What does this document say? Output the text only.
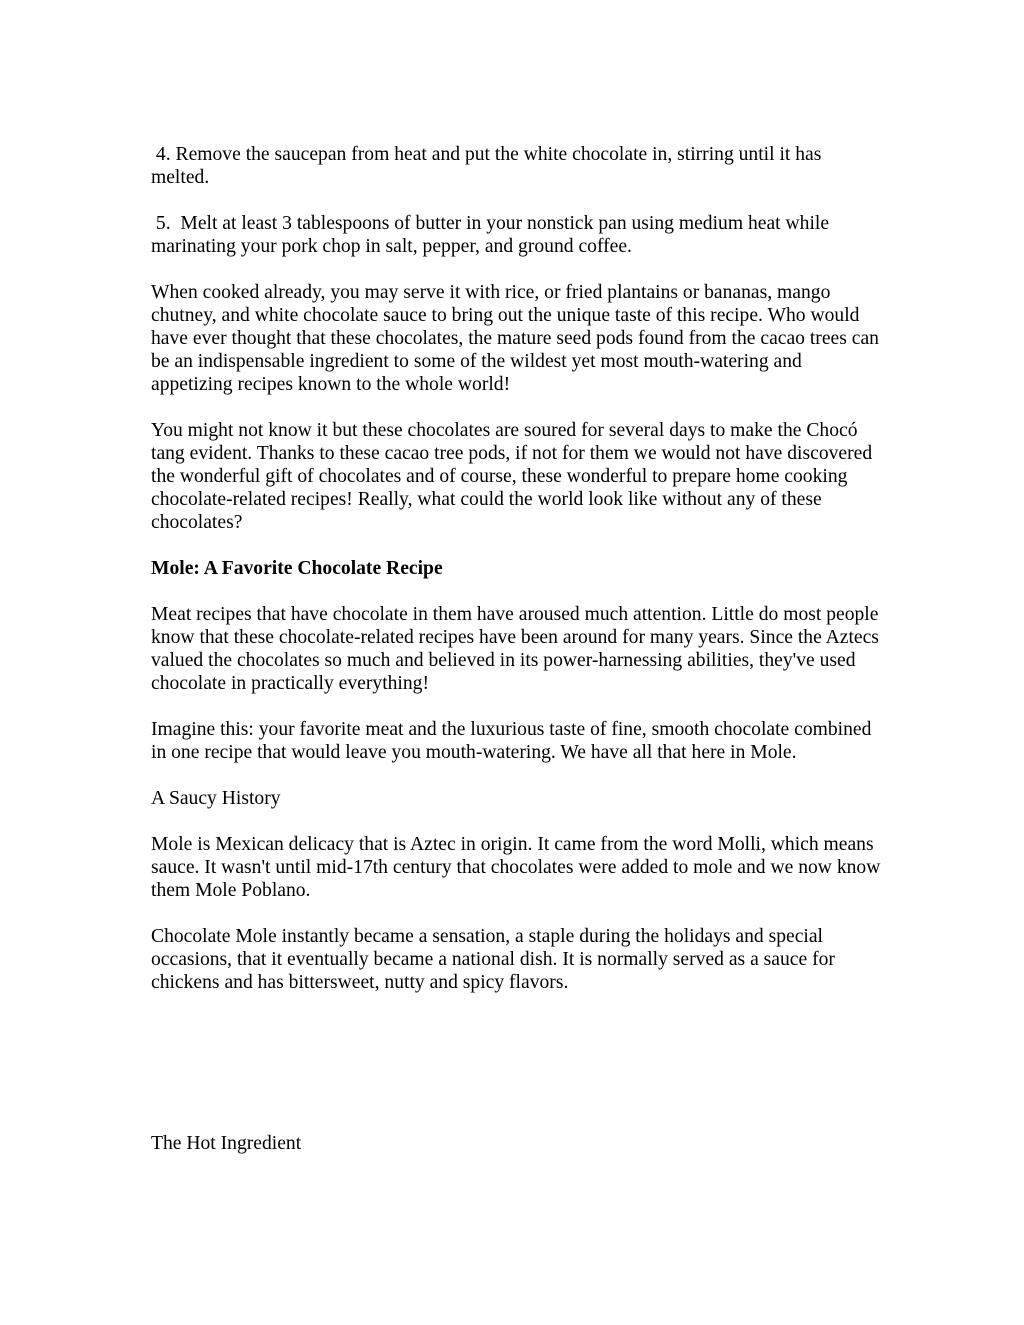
4. Remove the saucepan from heat and put the white chocolate in, stirring until it has melted.

5.  Melt at least 3 tablespoons of butter in your nonstick pan using medium heat while  marinating your pork chop in salt, pepper, and ground coffee.

When cooked already, you may serve it with rice, or fried plantains or bananas, mango chutney, and white chocolate sauce to bring out the unique taste of this recipe. Who would have ever thought that these chocolates, the mature seed pods found from the cacao trees can be an indispensable ingredient to some of the wildest yet most mouth-watering and appetizing recipes known to the whole world!

You might not know it but these chocolates are soured for several days to make the Chocó tang evident. Thanks to these cacao tree pods, if not for them we would not have discovered the wonderful gift of chocolates and of course, these wonderful to prepare home cooking chocolate-related recipes! Really, what could the world look like without any of these chocolates?

Mole: A Favorite Chocolate Recipe

Meat recipes that have chocolate in them have aroused much attention. Little do most people know that these chocolate-related recipes have been around for many years. Since the Aztecs valued the chocolates so much and believed in its power-harnessing abilities, they've used chocolate in practically everything!

Imagine this: your favorite meat and the luxurious taste of fine, smooth chocolate combined in one recipe that would leave you mouth-watering. We have all that here in Mole.

A Saucy History

Mole is Mexican delicacy that is Aztec in origin. It came from the word Molli, which means sauce. It wasn't until mid-17th century that chocolates were added to mole and we now know them Mole Poblano.

Chocolate Mole instantly became a sensation, a staple during the holidays and special occasions, that it eventually became a national dish. It is normally served as a sauce for chickens and has bittersweet, nutty and spicy flavors.

The Hot Ingredient
